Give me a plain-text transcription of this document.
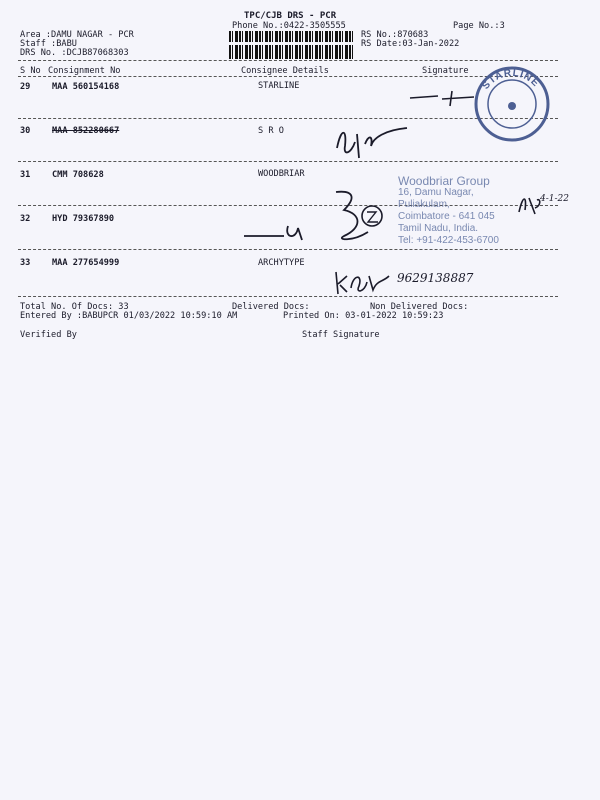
TPC/CJB DRS - PCR
Phone No.:0422-3505555	Page No.:3
Area :DAMU NAGAR - PCR
Staff :BABU
DRS No. :DCJB87068303
RS No.:870683
RS Date:03-Jan-2022
S No Consignment No	Consignee Details	Signature
29	MAA 560154168	STARLINE
30	MAA 852280667	S R O
31	CMM 708628	WOODBRIAR
32	HYD 79367890
33	MAA 277654999	ARCHYTYPE
Total No. Of Docs: 33	Delivered Docs:	Non Delivered Docs:
Entered By :BABUPCR 01/03/2022 10:59:10 AM	Printed On: 03-01-2022 10:59:23
Verified By	Staff Signature
STARLINE
Woodbriar Group
16, Damu Nagar,
Puliakulam,
Coimbatore - 641 045
Tamil Nadu, India.
Tel: +91-422-453-6700
4-1-22
9629138887
